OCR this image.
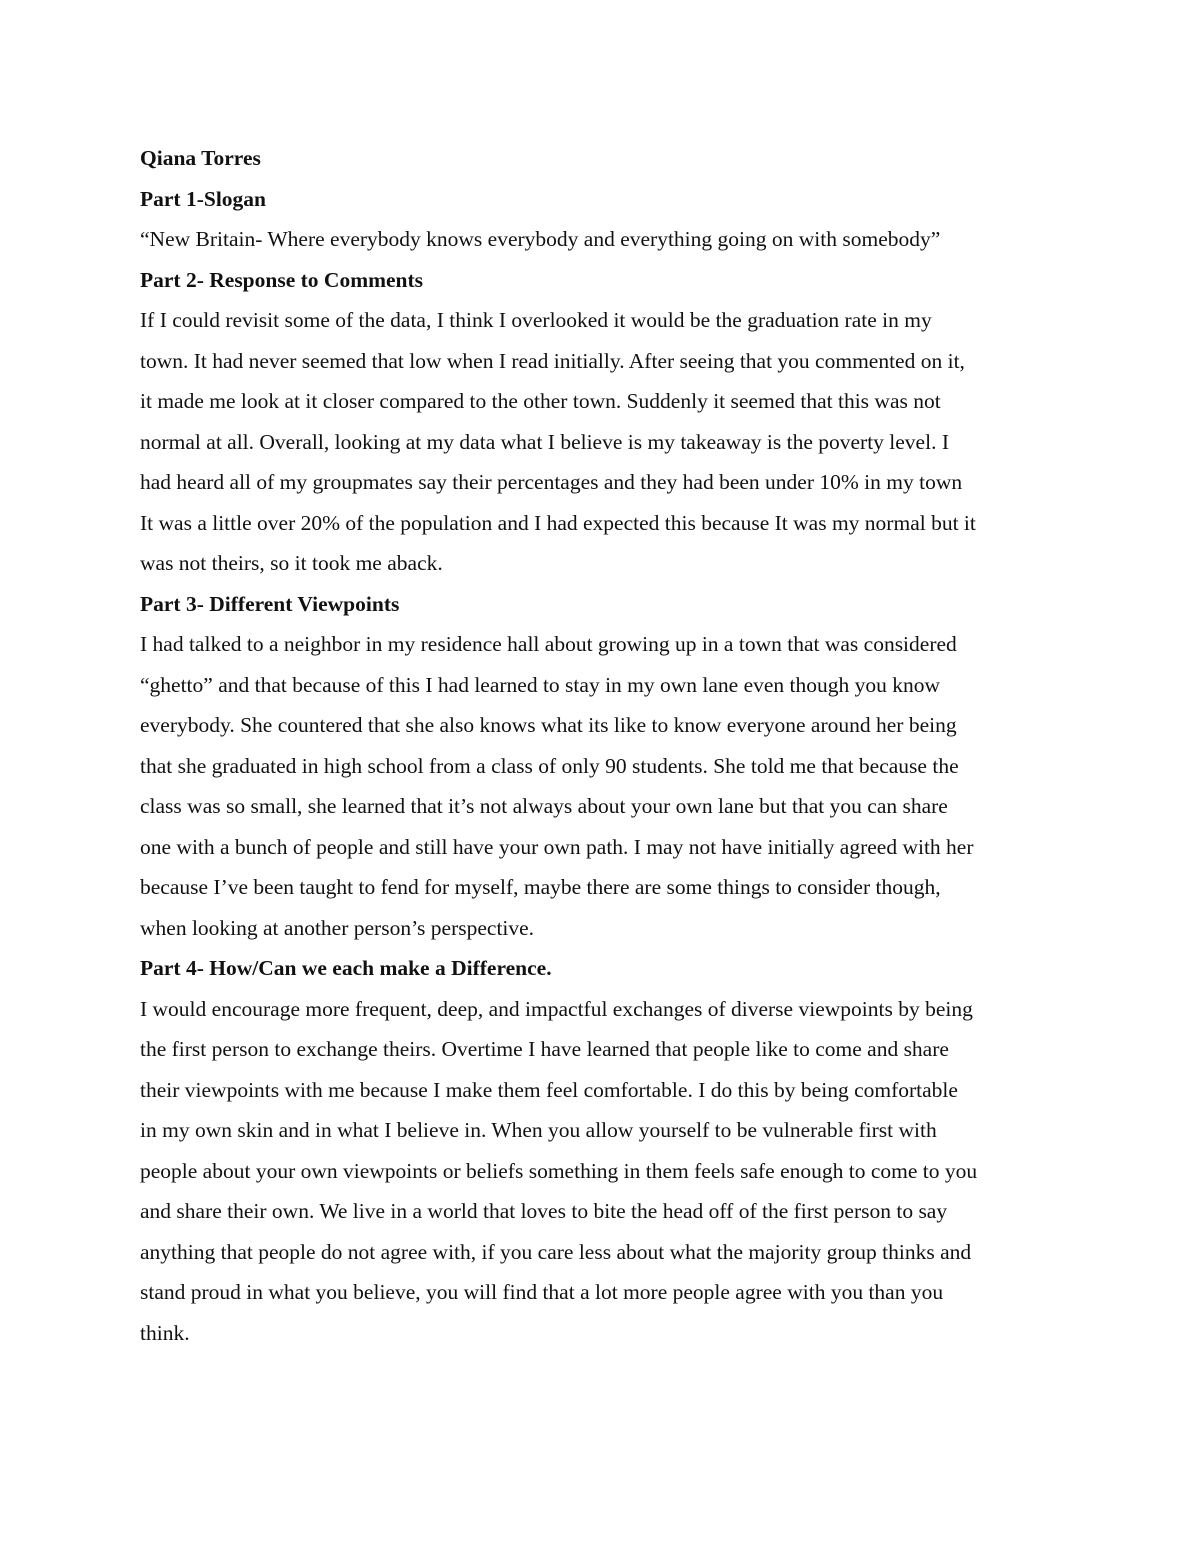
Qiana Torres
Part 1-Slogan
“New Britain- Where everybody knows everybody and everything going on with somebody”
Part 2- Response to Comments
If I could revisit some of the data, I think I overlooked it would be the graduation rate in my
town. It had never seemed that low when I read initially. After seeing that you commented on it,
it made me look at it closer compared to the other town. Suddenly it seemed that this was not
normal at all. Overall, looking at my data what I believe is my takeaway is the poverty level. I
had heard all of my groupmates say their percentages and they had been under 10% in my town
It was a little over 20% of the population and I had expected this because It was my normal but it
was not theirs, so it took me aback.
Part 3- Different Viewpoints
I had talked to a neighbor in my residence hall about growing up in a town that was considered
“ghetto” and that because of this I had learned to stay in my own lane even though you know
everybody. She countered that she also knows what its like to know everyone around her being
that she graduated in high school from a class of only 90 students. She told me that because the
class was so small, she learned that it’s not always about your own lane but that you can share
one with a bunch of people and still have your own path. I may not have initially agreed with her
because I’ve been taught to fend for myself, maybe there are some things to consider though,
when looking at another person’s perspective.
Part 4- How/Can we each make a Difference.
I would encourage more frequent, deep, and impactful exchanges of diverse viewpoints by being
the first person to exchange theirs. Overtime I have learned that people like to come and share
their viewpoints with me because I make them feel comfortable. I do this by being comfortable
in my own skin and in what I believe in. When you allow yourself to be vulnerable first with
people about your own viewpoints or beliefs something in them feels safe enough to come to you
and share their own. We live in a world that loves to bite the head off of the first person to say
anything that people do not agree with, if you care less about what the majority group thinks and
stand proud in what you believe, you will find that a lot more people agree with you than you
think.
